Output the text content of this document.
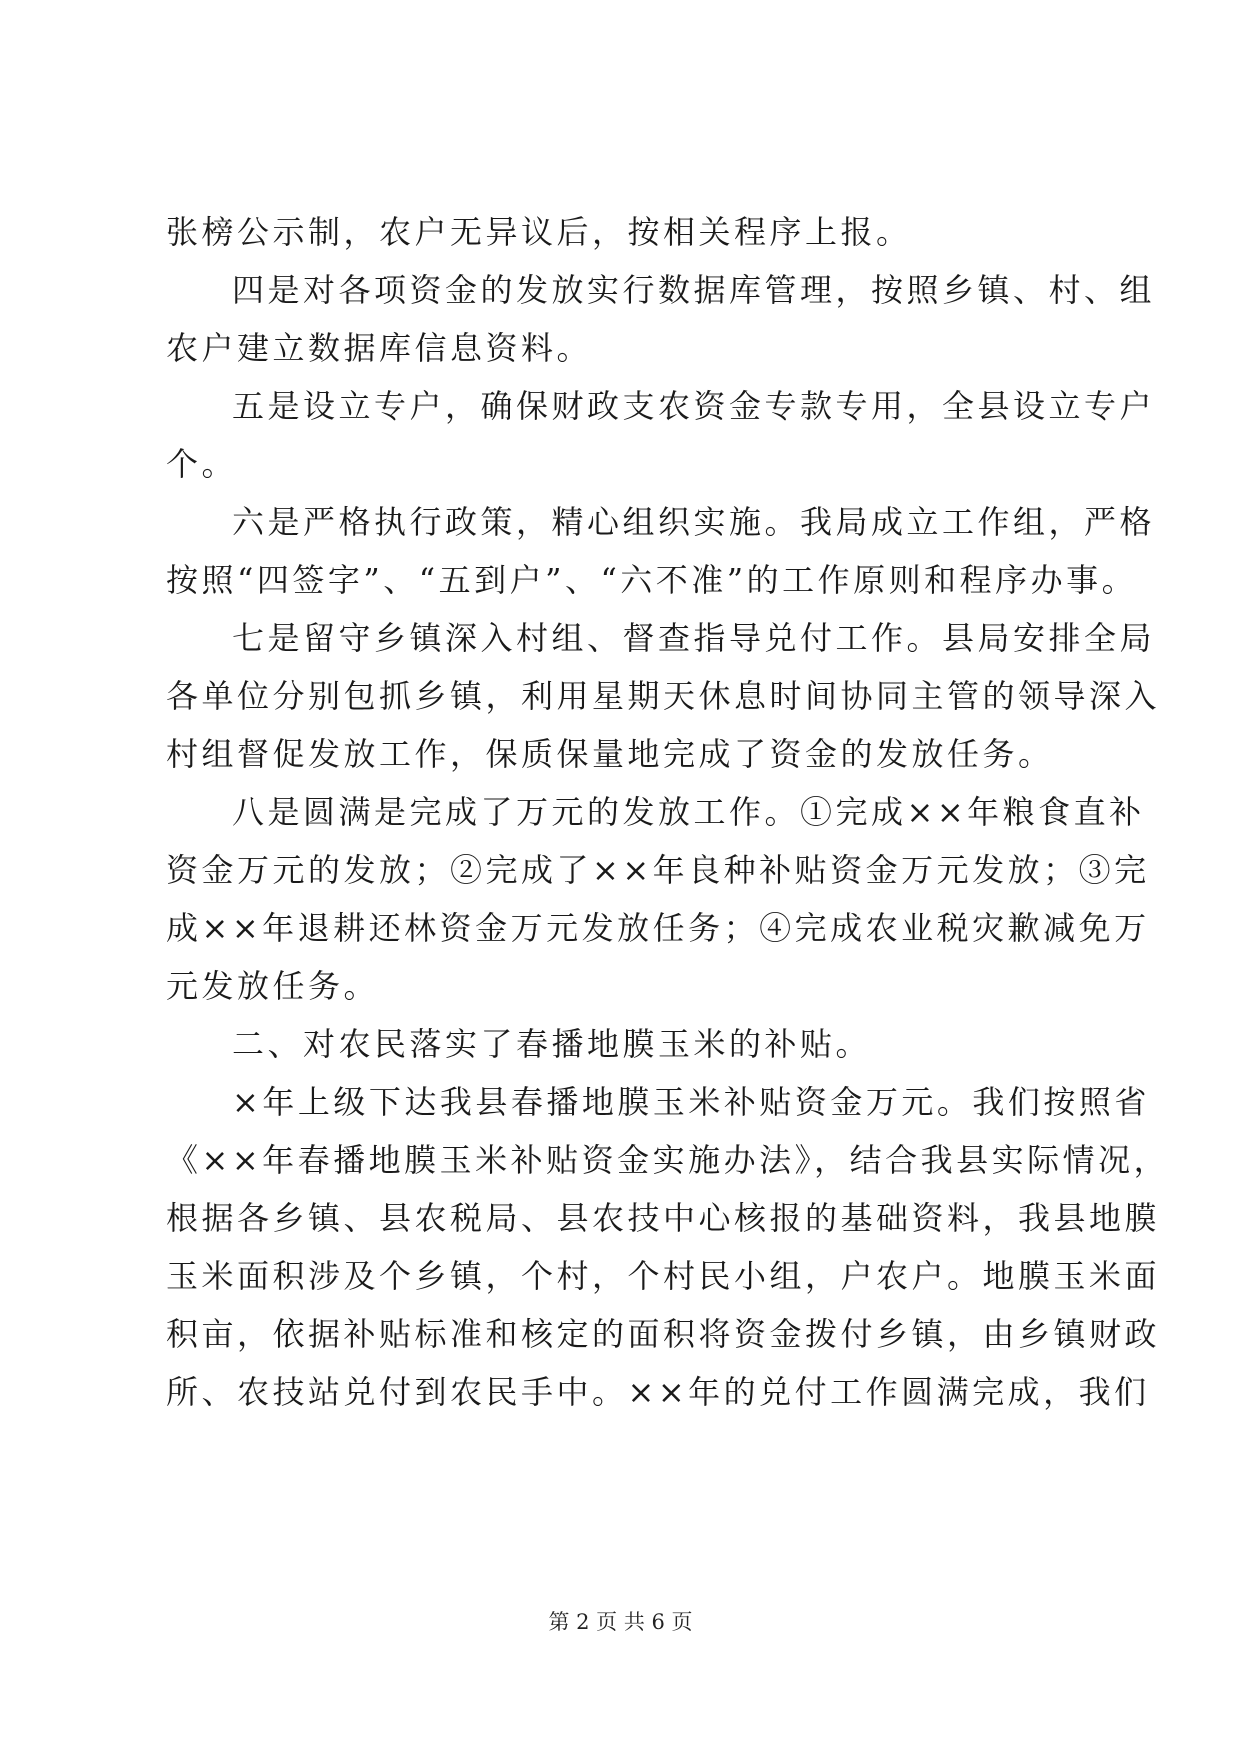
张榜公示制，农户无异议后，按相关程序上报。
四是对各项资金的发放实行数据库管理，按照乡镇、村、组
农户建立数据库信息资料。
五是设立专户，确保财政支农资金专款专用，全县设立专户
个。
六是严格执行政策，精心组织实施。我局成立工作组，严格
按照“四签字”、“五到户”、“六不准”的工作原则和程序办事。
七是留守乡镇深入村组、督查指导兑付工作。县局安排全局
各单位分别包抓乡镇，利用星期天休息时间协同主管的领导深入
村组督促发放工作，保质保量地完成了资金的发放任务。
八是圆满是完成了万元的发放工作。①完成××年粮食直补
资金万元的发放；②完成了××年良种补贴资金万元发放；③完
成××年退耕还林资金万元发放任务；④完成农业税灾歉减免万
元发放任务。
二、对农民落实了春播地膜玉米的补贴。
×年上级下达我县春播地膜玉米补贴资金万元。我们按照省
《××年春播地膜玉米补贴资金实施办法》，结合我县实际情况，
根据各乡镇、县农税局、县农技中心核报的基础资料，我县地膜
玉米面积涉及个乡镇，个村，个村民小组，户农户。地膜玉米面
积亩，依据补贴标准和核定的面积将资金拨付乡镇，由乡镇财政
所、农技站兑付到农民手中。××年的兑付工作圆满完成，我们
第 2 页 共 6 页
